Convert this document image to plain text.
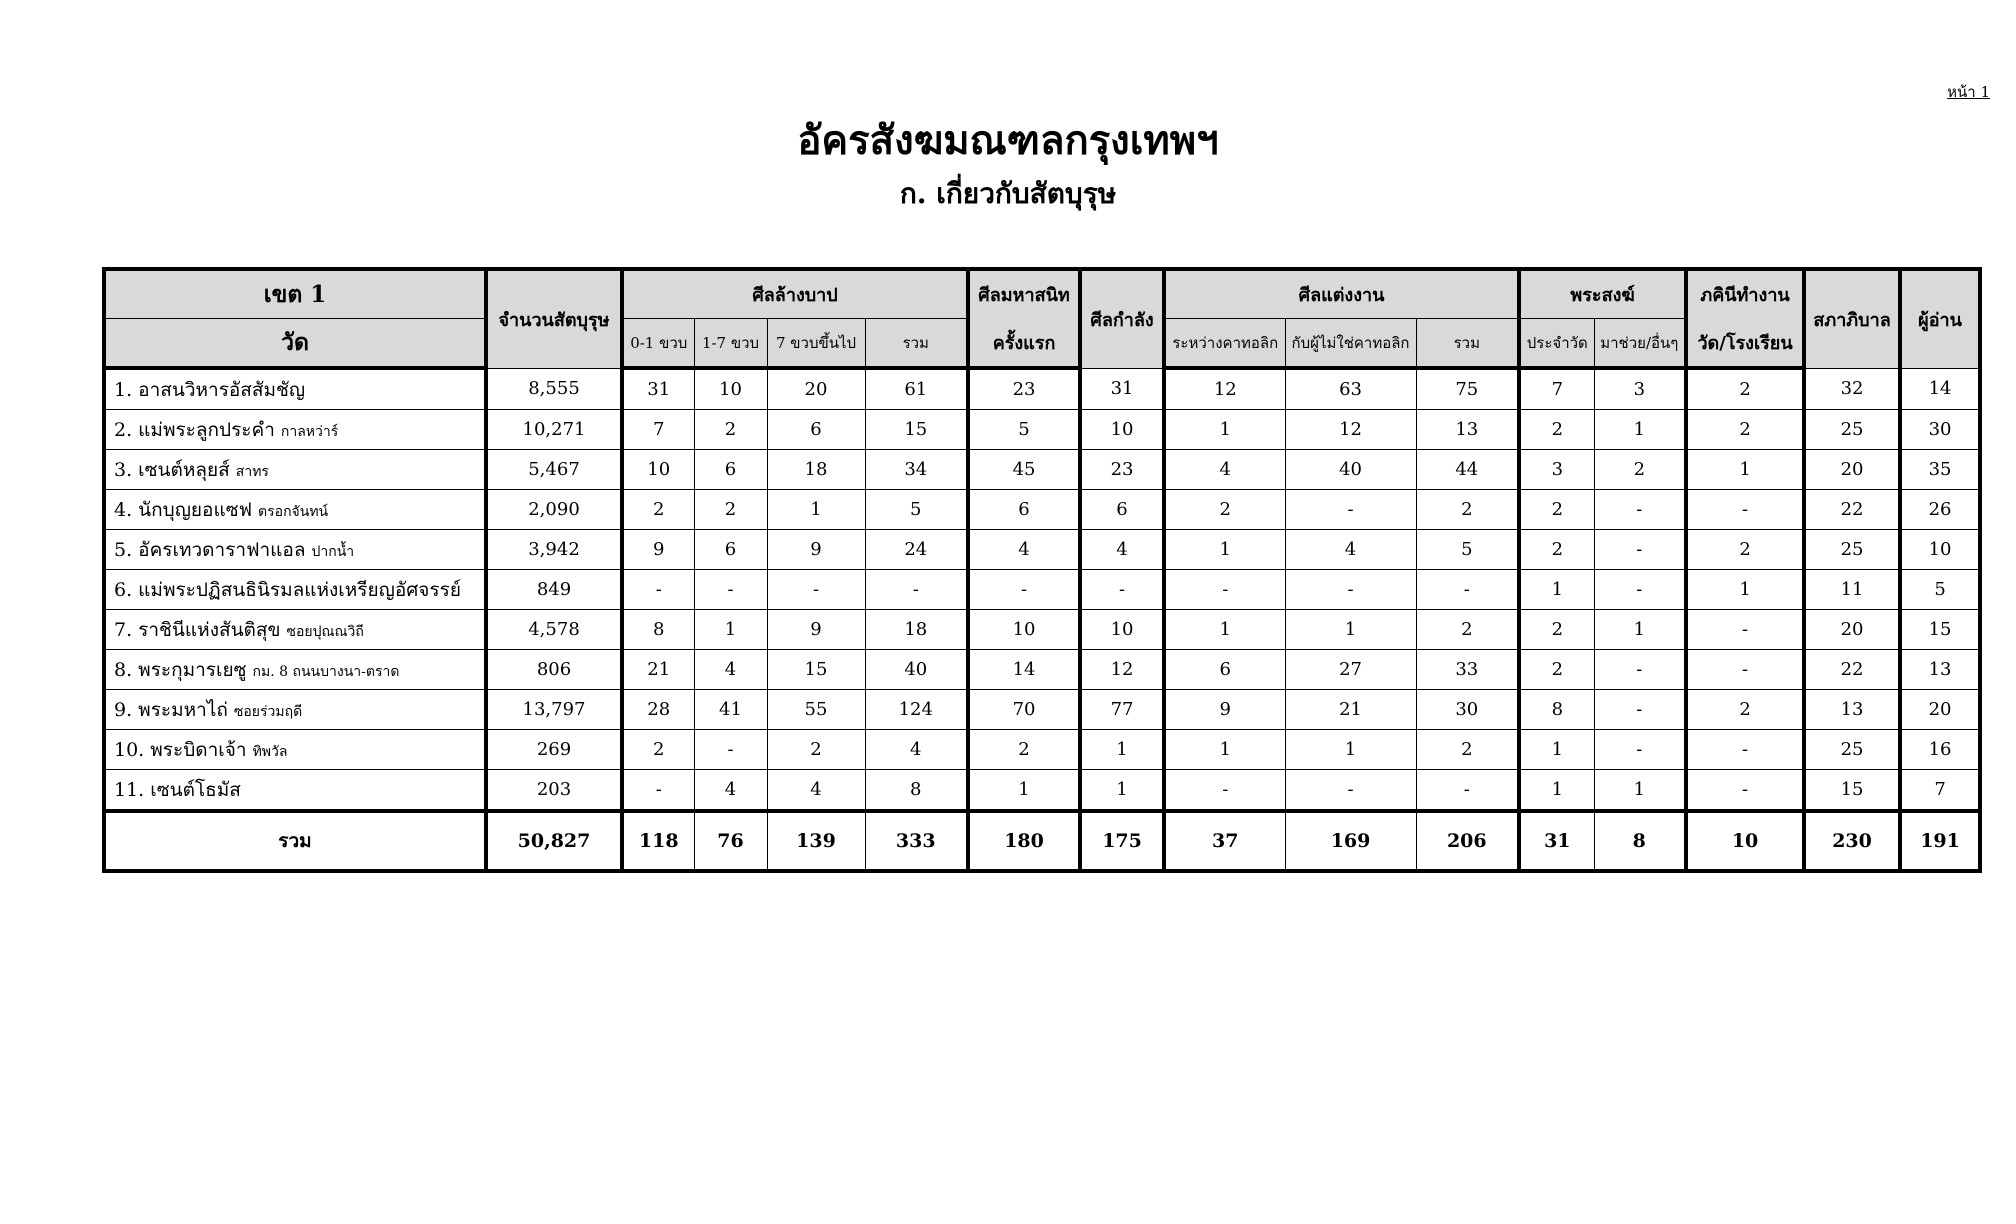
หน้า 1
อัครสังฆมณฑลกรุงเทพฯ
ก. เกี่ยวกับสัตบุรุษ
เขต 1	จำนวนสัตบุรุษ	ศีลล้างบาป				ศีลมหาสนิท	ศีลกำลัง	ศีลแต่งงาน			พระสงฆ์		ภคินีทำงาน	สภาภิบาล	ผู้อ่าน
วัด		0-1 ขวบ	1-7 ขวบ	7 ขวบขึ้นไป	รวม	ครั้งแรก		ระหว่างคาทอลิก	กับผู้ไม่ใช่คาทอลิก	รวม	ประจำวัด	มาช่วย/อื่นๆ	วัด/โรงเรียน		
1. อาสนวิหารอัสสัมชัญ	8,555	31	10	20	61	23	31	12	63	75	7	3	2	32	14
2. แม่พระลูกประคำ กาลหว่าร์	10,271	7	2	6	15	5	10	1	12	13	2	1	2	25	30
3. เซนต์หลุยส์ สาทร	5,467	10	6	18	34	45	23	4	40	44	3	2	1	20	35
4. นักบุญยอแซฟ ตรอกจันทน์	2,090	2	2	1	5	6	6	2	-	2	2	-	-	22	26
5. อัครเทวดาราฟาแอล ปากน้ำ	3,942	9	6	9	24	4	4	1	4	5	2	-	2	25	10
6. แม่พระปฏิสนธินิรมลแห่งเหรียญอัศจรรย์	849	-	-	-	-	-	-	-	-	-	1	-	1	11	5
7. ราชินีแห่งสันติสุข ซอยปุณณวิถี	4,578	8	1	9	18	10	10	1	1	2	2	1	-	20	15
8. พระกุมารเยซู กม. 8 ถนนบางนา-ตราด	806	21	4	15	40	14	12	6	27	33	2	-	-	22	13
9. พระมหาไถ่ ซอยร่วมฤดี	13,797	28	41	55	124	70	77	9	21	30	8	-	2	13	20
10. พระบิดาเจ้า ทิพวัล	269	2	-	2	4	2	1	1	1	2	1	-	-	25	16
11. เซนต์โธมัส	203	-	4	4	8	1	1	-	-	-	1	1	-	15	7
รวม	50,827	118	76	139	333	180	175	37	169	206	31	8	10	230	191
